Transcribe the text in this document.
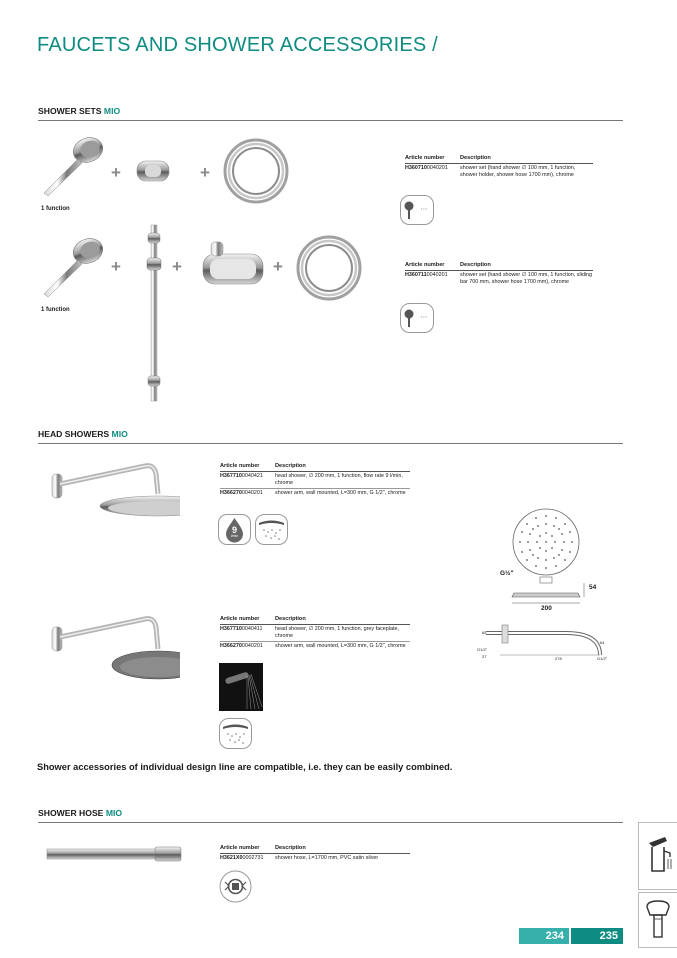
FAUCETS AND SHOWER ACCESSORIES /
SHOWER SETS MIO
+	+
1 function
Article number	Description
H3607100040201	shower set (hand shower ∅ 100 mm, 1 function, shower holder, shower hose 1700 mm), chrome
⋯
+	+	+
1 function
Article number	Description
H3607110040201	shower set (hand shower ∅ 100 mm, 1 function, sliding bar 700 mm, shower hose 1700 mm), chrome
⋯
HEAD SHOWERS MIO
Article number	Description
H3677100040421	head shower, ∅ 200 mm, 1 function, flow rate 9 l/min, chrome
H3662700040201	shower arm, wall mounted, L=300 mm, G 1/2", chrome
9
l/min
G½"
54
200
65
G1/2"
27	278
64
G1/2"
Article number	Description
H3677100040411	head shower, ∅ 200 mm, 1 function, grey faceplate, chrome
H3662700040201	shower arm, wall mounted, L=300 mm, G 1/2", chrome
Shower accessories of individual design line are compatible, i.e. they can be easily combined.
SHOWER HOSE MIO
Article number	Description
H3621X00002731	shower hose, L=1700 mm, PVC satin silver
234	235
